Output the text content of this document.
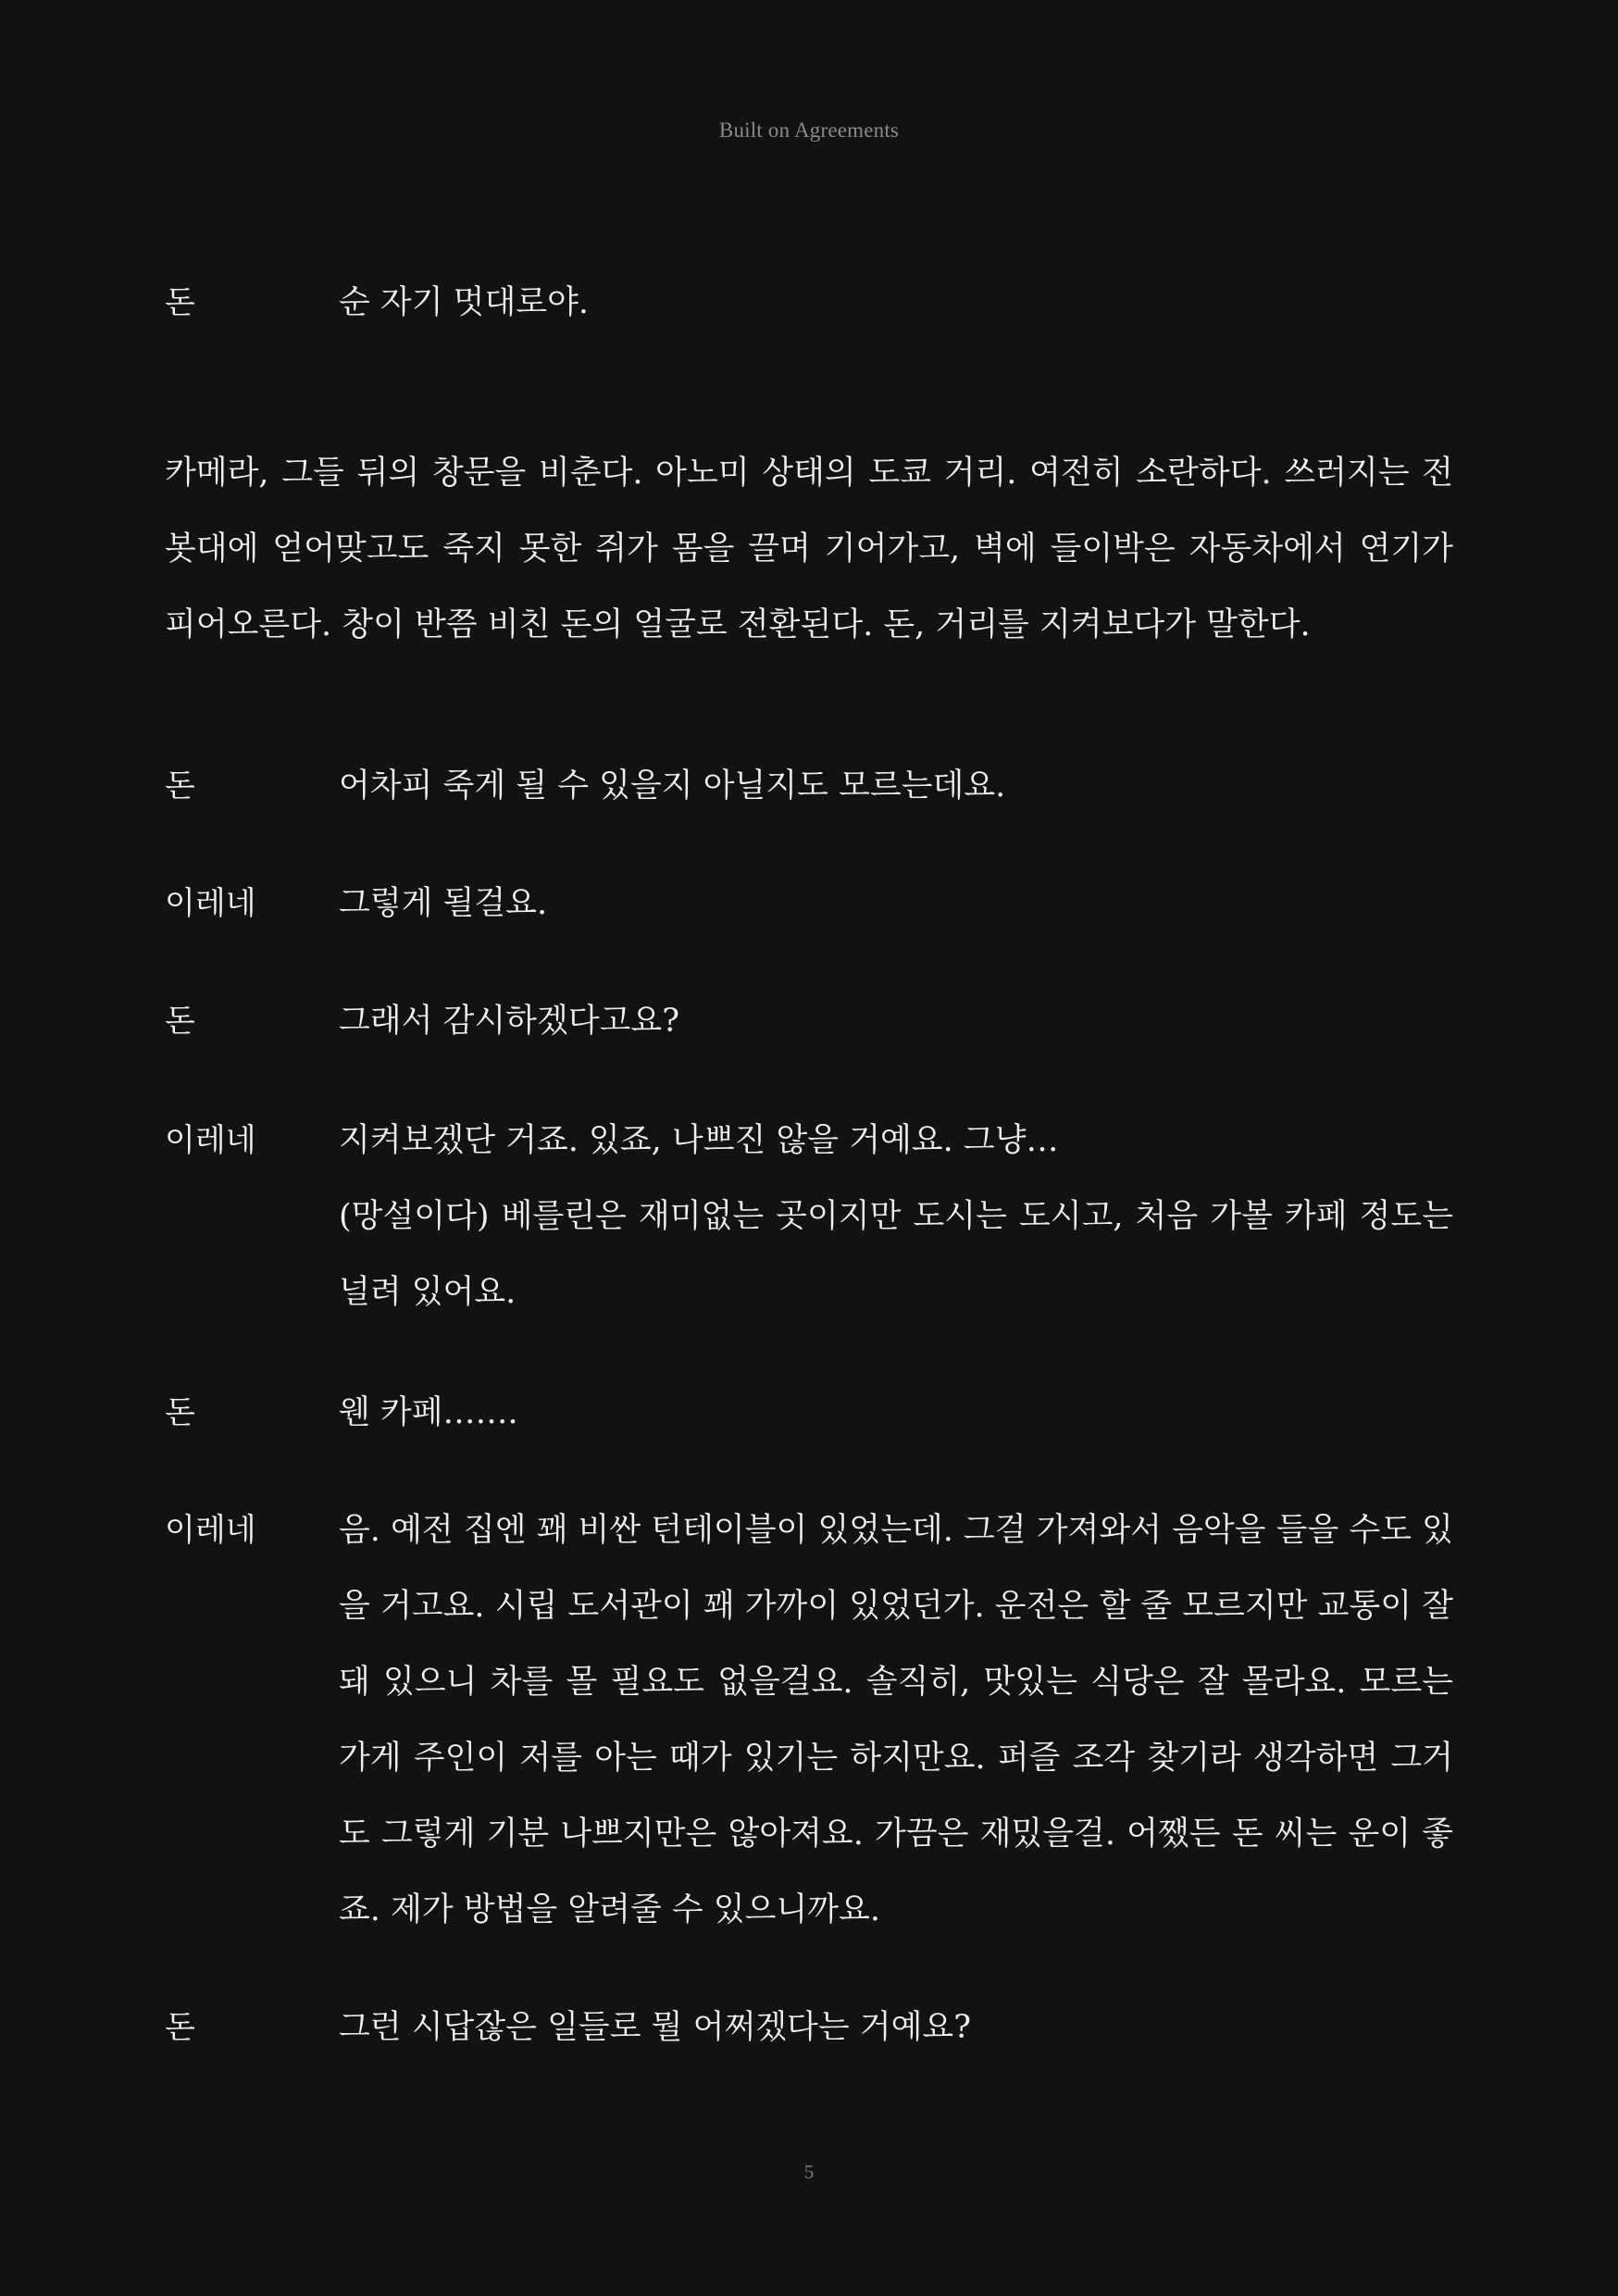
Built on Agreements
돈	순 자기 멋대로야.

카메라, 그들 뒤의 창문을 비춘다. 아노미 상태의 도쿄 거리. 여전히 소란하다. 쓰러지는 전봇대에 얻어맞고도 죽지 못한 쥐가 몸을 끌며 기어가고, 벽에 들이박은 자동차에서 연기가 피어오른다. 창이 반쯤 비친 돈의 얼굴로 전환된다. 돈, 거리를 지켜보다가 말한다.
돈	어차피 죽게 될 수 있을지 아닐지도 모르는데요.

이레네	그렇게 될걸요.

돈	그래서 감시하겠다고요?

이레네	지켜보겠단 거죠. 있죠, 나쁘진 않을 거예요. 그냥…

(망설이다) 베를린은 재미없는 곳이지만 도시는 도시고, 처음 가볼 카페 정도는 널려 있어요.

돈	웬 카페…….

이레네	음. 예전 집엔 꽤 비싼 턴테이블이 있었는데. 그걸 가져와서 음악을 들을 수도 있을 거고요. 시립 도서관이 꽤 가까이 있었던가. 운전은 할 줄 모르지만 교통이 잘 돼 있으니 차를 몰 필요도 없을걸요. 솔직히, 맛있는 식당은 잘 몰라요. 모르는 가게 주인이 저를 아는 때가 있기는 하지만요. 퍼즐 조각 찾기라 생각하면 그거도 그렇게 기분 나쁘지만은 않아져요. 가끔은 재밌을걸. 어쨌든 돈 씨는 운이 좋죠. 제가 방법을 알려줄 수 있으니까요.

돈	그런 시답잖은 일들로 뭘 어쩌겠다는 거예요?

5
